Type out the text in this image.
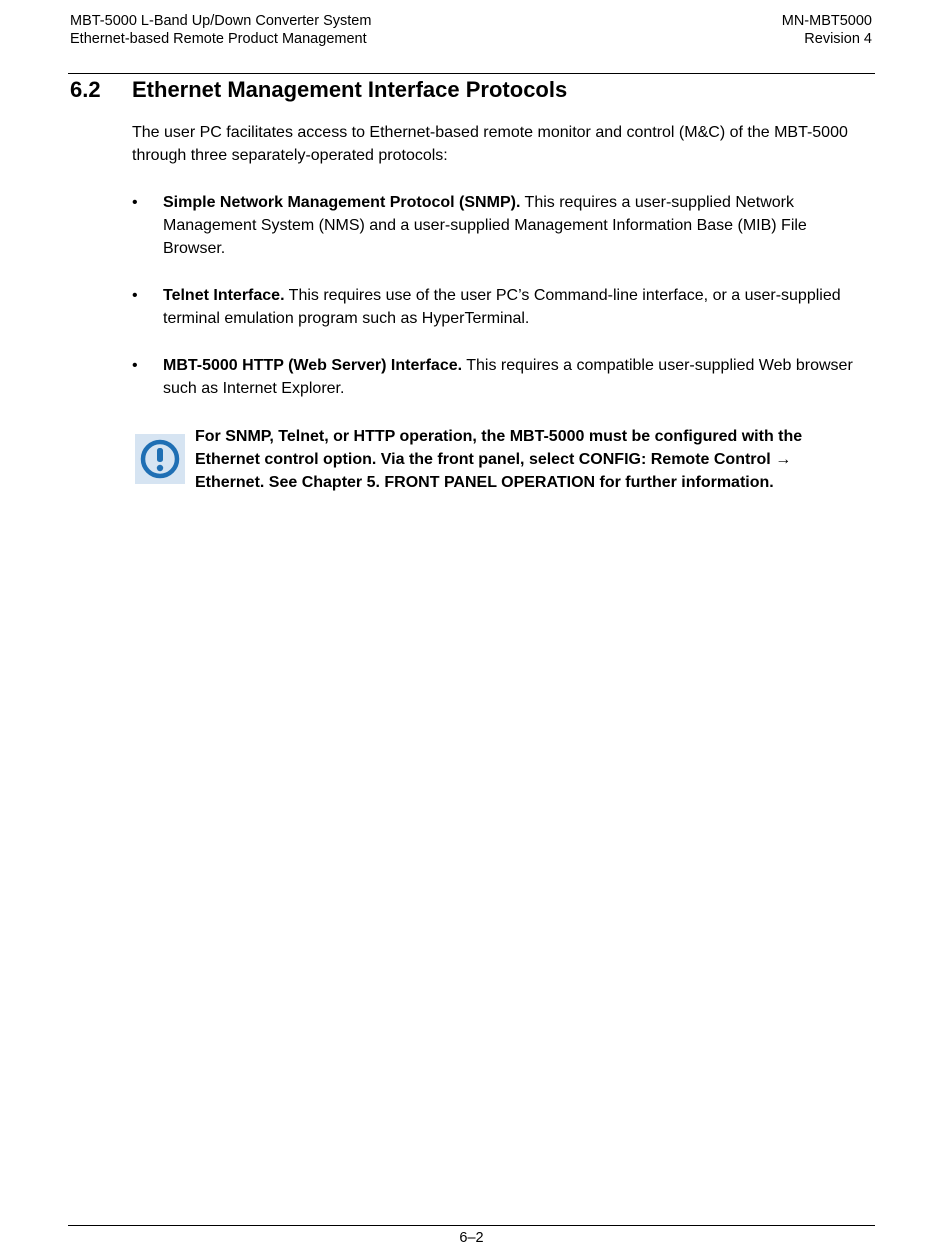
MBT-5000 L-Band Up/Down Converter System
Ethernet-based Remote Product Management
MN-MBT5000
Revision 4
6.2 Ethernet Management Interface Protocols

The user PC facilitates access to Ethernet-based remote monitor and control (M&C) of the MBT-5000 through three separately-operated protocols:

• Simple Network Management Protocol (SNMP). This requires a user-supplied Network Management System (NMS) and a user-supplied Management Information Base (MIB) File Browser.
• Telnet Interface. This requires use of the user PC’s Command-line interface, or a user-supplied terminal emulation program such as HyperTerminal.
• MBT-5000 HTTP (Web Server) Interface. This requires a compatible user-supplied Web browser such as Internet Explorer.

For SNMP, Telnet, or HTTP operation, the MBT-5000 must be configured with the Ethernet control option. Via the front panel, select CONFIG: Remote Control → Ethernet. See Chapter 5. FRONT PANEL OPERATION for further information.

6–2
